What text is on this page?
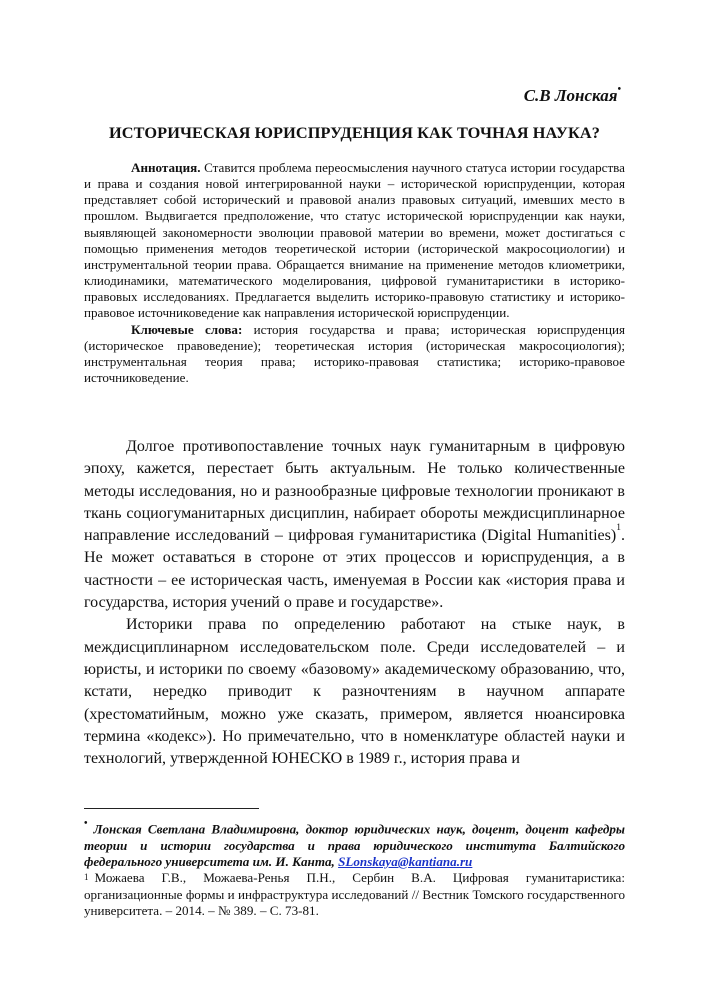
С.В Лонская•
ИСТОРИЧЕСКАЯ ЮРИСПРУДЕНЦИЯ КАК ТОЧНАЯ НАУКА?

Аннотация. Ставится проблема переосмысления научного статуса истории государства и права и создания новой интегрированной науки – исторической юриспруденции, которая представляет собой исторический и правовой анализ правовых ситуаций, имевших место в прошлом. Выдвигается предположение, что статус исторической юриспруденции как науки, выявляющей закономерности эволюции правовой материи во времени, может достигаться с помощью применения методов теоретической истории (исторической макросоциологии) и инструментальной теории права. Обращается внимание на применение методов клиометрики, клиодинамики, математического моделирования, цифровой гуманитаристики в историко-правовых исследованиях. Предлагается выделить историко-правовую статистику и историко-правовое источниковедение как направления исторической юриспруденции.

Ключевые слова: история государства и права; историческая юриспруденция (историческое правоведение); теоретическая история (историческая макросоциология); инструментальная теория права; историко-правовая статистика; историко-правовое источниковедение.

Долгое противопоставление точных наук гуманитарным в цифровую эпоху, кажется, перестает быть актуальным. Не только количественные методы исследования, но и разнообразные цифровые технологии проникают в ткань социогуманитарных дисциплин, набирает обороты междисциплинарное направление исследований – цифровая гуманитаристика (Digital Humanities)$^1$. Не может оставаться в стороне от этих процессов и юриспруденция, а в частности – ее историческая часть, именуемая в России как «история права и государства, история учений о праве и государстве».

Историки права по определению работают на стыке наук, в междисциплинарном исследовательском поле. Среди исследователей – и юристы, и историки по своему «базовому» академическому образованию, что, кстати, нередко приводит к разночтениям в научном аппарате (хрестоматийным, можно уже сказать, примером, является нюансировка термина «кодекс»). Но примечательно, что в номенклатуре областей науки и технологий, утвержденной ЮНЕСКО в 1989 г., история права и

• Лонская Светлана Владимировна, доктор юридических наук, доцент, доцент кафедры теории и истории государства и права юридического института Балтийского федерального университета им. И. Канта, SLonskaya@kantiana.ru

$^1$ Можаева Г.В., Можаева-Ренья П.Н., Сербин В.А. Цифровая гуманитаристика: организационные формы и инфраструктура исследований // Вестник Томского государственного университета. – 2014. – № 389. – С. 73-81.
